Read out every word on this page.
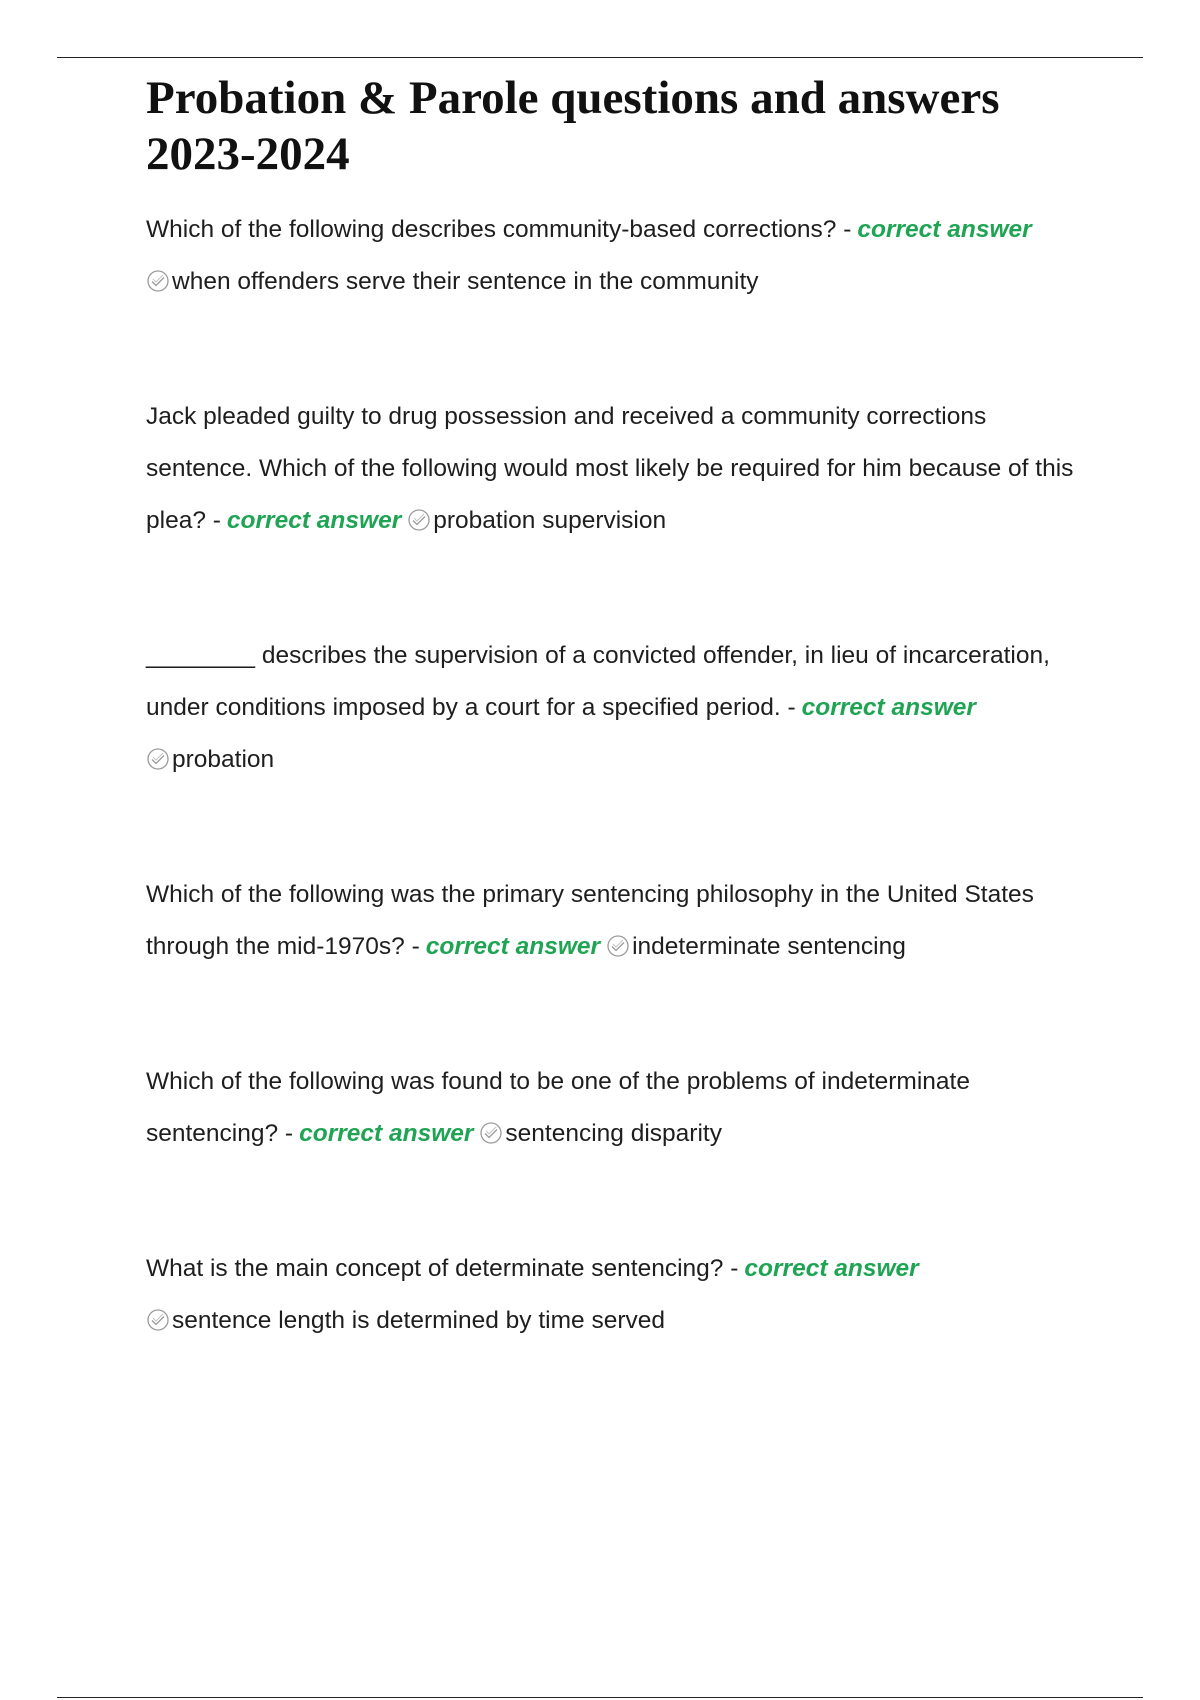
Probation & Parole questions and answers 2023-2024
Which of the following describes community-based corrections? - correct answer
when offenders serve their sentence in the community
Jack pleaded guilty to drug possession and received a community corrections sentence. Which of the following would most likely be required for him because of this plea? - correct answer probation supervision
________ describes the supervision of a convicted offender, in lieu of incarceration, under conditions imposed by a court for a specified period. - correct answer
probation
Which of the following was the primary sentencing philosophy in the United States through the mid-1970s? - correct answer indeterminate sentencing
Which of the following was found to be one of the problems of indeterminate sentencing? - correct answer sentencing disparity
What is the main concept of determinate sentencing? - correct answer
sentence length is determined by time served
